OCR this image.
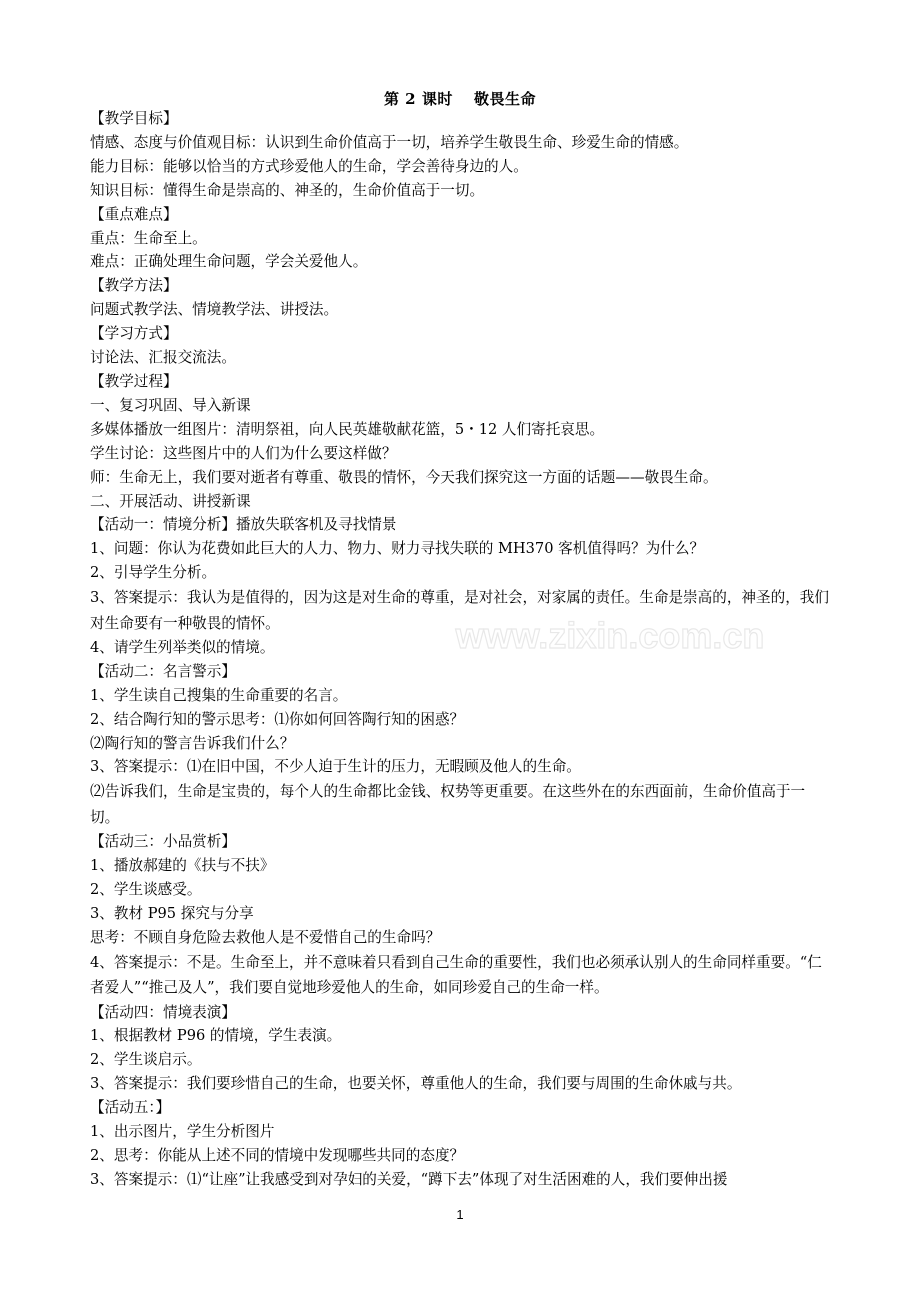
第 2 课时　 敬畏生命

【教学目标】

情感、态度与价值观目标：认识到生命价值高于一切，培养学生敬畏生命、珍爱生命的情感。

能力目标：能够以恰当的方式珍爱他人的生命，学会善待身边的人。

知识目标：懂得生命是崇高的、神圣的，生命价值高于一切。

【重点难点】

重点：生命至上。

难点：正确处理生命问题，学会关爱他人。

【教学方法】

问题式教学法、情境教学法、讲授法。

【学习方式】

讨论法、汇报交流法。

【教学过程】

一、复习巩固、导入新课

多媒体播放一组图片：清明祭祖，向人民英雄敬献花篮，5・12 人们寄托哀思。

学生讨论：这些图片中的人们为什么要这样做？

师：生命无上，我们要对逝者有尊重、敬畏的情怀，今天我们探究这一方面的话题——敬畏生命。

二、开展活动、讲授新课

【活动一：情境分析】播放失联客机及寻找情景

1、问题：你认为花费如此巨大的人力、物力、财力寻找失联的 MH370 客机值得吗？为什么？

2、引导学生分析。

3、答案提示：我认为是值得的，因为这是对生命的尊重，是对社会，对家属的责任。生命是崇高的，神圣的，我们对生命要有一种敬畏的情怀。

4、请学生列举类似的情境。

【活动二：名言警示】

1、学生读自己搜集的生命重要的名言。

2、结合陶行知的警示思考：⑴你如何回答陶行知的困惑？

⑵陶行知的警言告诉我们什么？

3、答案提示：⑴在旧中国，不少人迫于生计的压力，无暇顾及他人的生命。

⑵告诉我们，生命是宝贵的，每个人的生命都比金钱、权势等更重要。在这些外在的东西面前，生命价值高于一切。

【活动三：小品赏析】

1、播放郝建的《扶与不扶》

2、学生谈感受。

3、教材 P95 探究与分享

思考：不顾自身危险去救他人是不爱惜自己的生命吗？

4、答案提示：不是。生命至上，并不意味着只看到自己生命的重要性，我们也必须承认别人的生命同样重要。“仁者爱人”“推己及人”，我们要自觉地珍爱他人的生命，如同珍爱自己的生命一样。

【活动四：情境表演】

1、根据教材 P96 的情境，学生表演。

2、学生谈启示。

3、答案提示：我们要珍惜自己的生命，也要关怀，尊重他人的生命，我们要与周围的生命休戚与共。

【活动五：】

1、出示图片，学生分析图片

2、思考：你能从上述不同的情境中发现哪些共同的态度？

3、答案提示：⑴“让座”让我感受到对孕妇的关爱，“蹲下去”体现了对生活困难的人，我们要伸出援

www.zixin.com.cn
1
